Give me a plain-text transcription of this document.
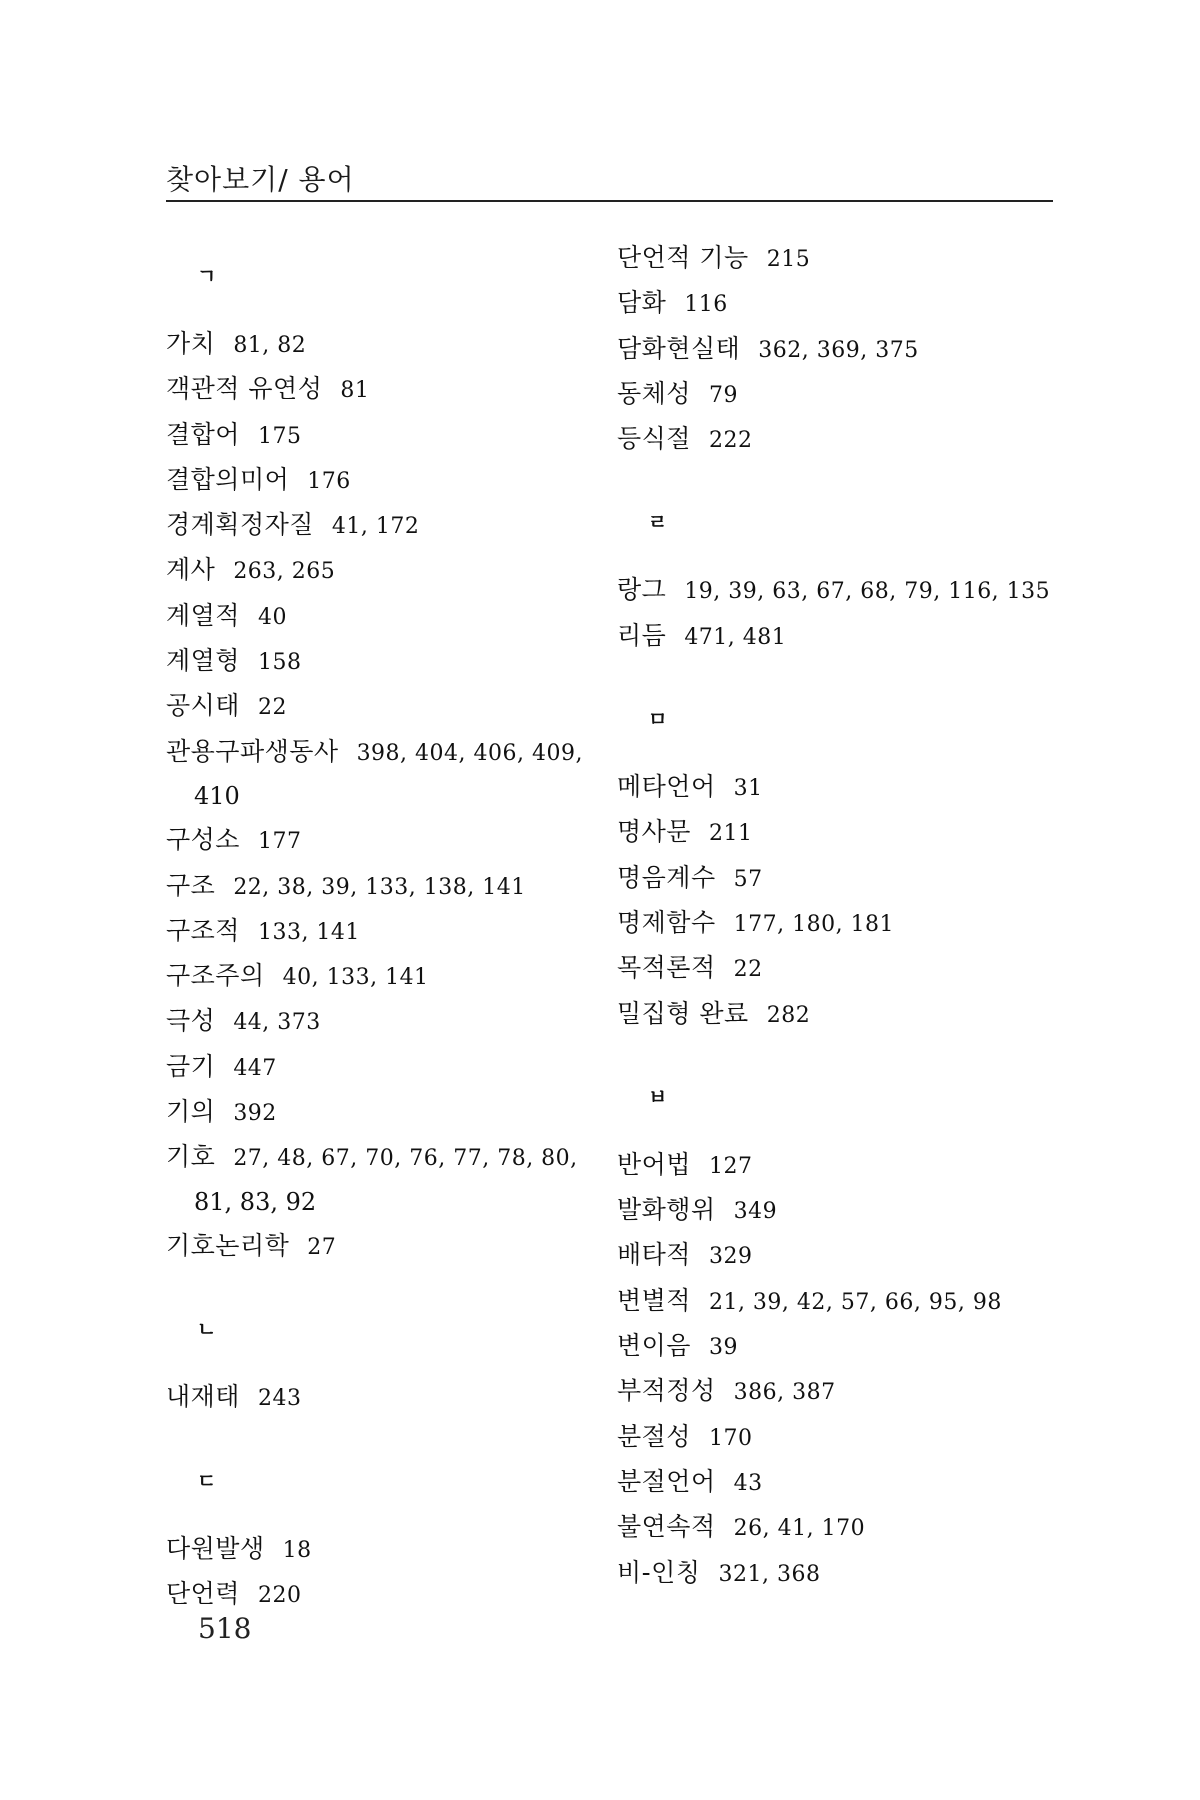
찾아보기/ 용어
ㄱ
가치 81, 82
객관적 유연성 81
결합어 175
결합의미어 176
경계획정자질 41, 172
계사 263, 265
계열적 40
계열형 158
공시태 22
관용구파생동사 398, 404, 406, 409,
410
구성소 177
구조 22, 38, 39, 133, 138, 141
구조적 133, 141
구조주의 40, 133, 141
극성 44, 373
금기 447
기의 392
기호 27, 48, 67, 70, 76, 77, 78, 80,
81, 83, 92
기호논리학 27
ㄴ
내재태 243
ㄷ
다원발생 18
단언력 220
단언적 기능 215
담화 116
담화현실태 362, 369, 375
동체성 79
등식절 222
ㄹ
랑그 19, 39, 63, 67, 68, 79, 116, 135
리듬 471, 481
ㅁ
메타언어 31
명사문 211
명음계수 57
명제함수 177, 180, 181
목적론적 22
밀집형 완료 282
ㅂ
반어법 127
발화행위 349
배타적 329
변별적 21, 39, 42, 57, 66, 95, 98
변이음 39
부적정성 386, 387
분절성 170
분절언어 43
불연속적 26, 41, 170
비-인칭 321, 368
518
